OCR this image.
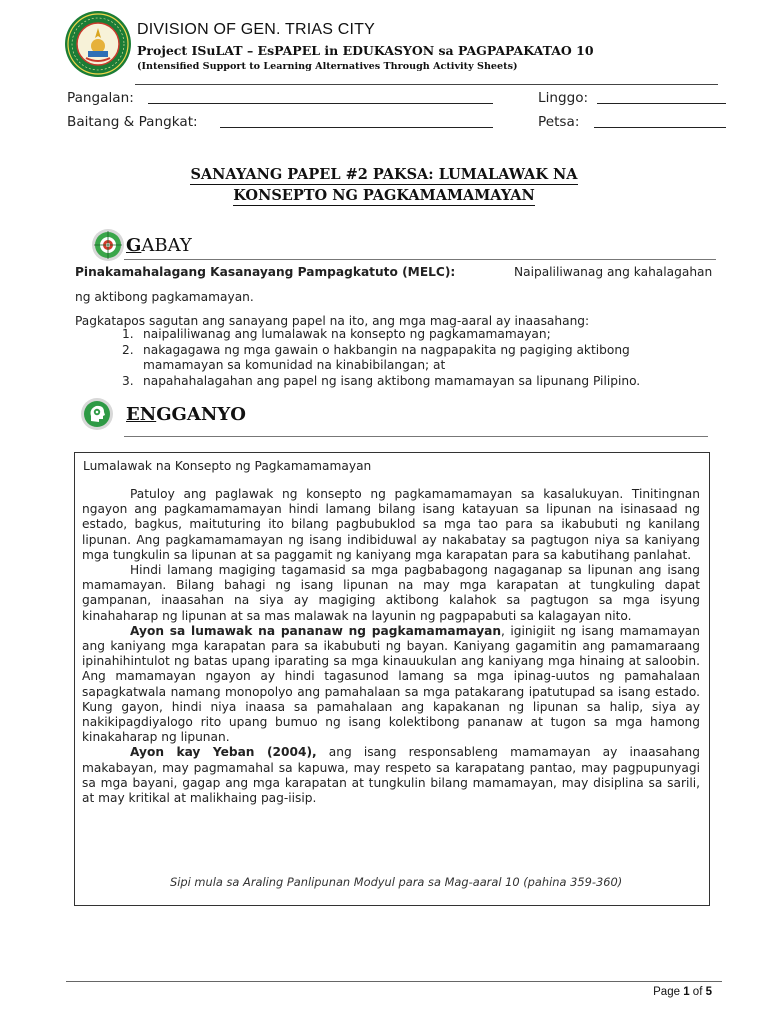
DIVISION OF GEN. TRIAS CITY
Project ISuLAT – EsPAPEL in EDUKASYON sa PAGPAPAKATAO 10
(Intensified Support to Learning Alternatives Through Activity Sheets)
Pangalan:
Baitang & Pangkat:
Linggo:
Petsa:
SANAYANG PAPEL #2 PAKSA: LUMALAWAK NA
KONSEPTO NG PAGKAMAMAMAYAN
GABAY
Pinakamahalagang Kasanayang Pampagkatuto (MELC):	Naipaliliwanag ang kahalagahan
ng aktibong pagkamamayan.
Pagkatapos sagutan ang sanayang papel na ito, ang mga mag-aaral ay inaasahang:
1. naipaliliwanag ang lumalawak na konsepto ng pagkamamamayan;
2. nakagagawa ng mga gawain o hakbangin na nagpapakita ng pagiging aktibong
mamamayan sa komunidad na kinabibilangan; at
3. napahahalagahan ang papel ng isang aktibong mamamayan sa lipunang Pilipino.
ENGGANYO
Lumalawak na Konsepto ng Pagkamamamayan

Patuloy ang paglawak ng konsepto ng pagkamamamayan sa kasalukuyan. Tinitingnan ngayon ang pagkamamamayan hindi lamang bilang isang katayuan sa lipunan na isinasaad ng estado, bagkus, maituturing ito bilang pagbubuklod sa mga tao para sa ikabubuti ng kanilang lipunan. Ang pagkamamamayan ng isang indibiduwal ay nakabatay sa pagtugon niya sa kaniyang mga tungkulin sa lipunan at sa paggamit ng kaniyang mga karapatan para sa kabutihang panlahat.

Hindi lamang magiging tagamasid sa mga pagbabagong nagaganap sa lipunan ang isang mamamayan. Bilang bahagi ng isang lipunan na may mga karapatan at tungkuling dapat gampanan, inaasahan na siya ay magiging aktibong kalahok sa pagtugon sa mga isyung kinahaharap ng lipunan at sa mas malawak na layunin ng pagpapabuti sa kalagayan nito.

Ayon sa lumawak na pananaw ng pagkamamamayan, iginigiit ng isang mamamayan ang kaniyang mga karapatan para sa ikabubuti ng bayan. Kaniyang gagamitin ang pamamaraang ipinahihintulot ng batas upang iparating sa mga kinauukulan ang kaniyang mga hinaing at saloobin. Ang mamamayan ngayon ay hindi tagasunod lamang sa mga ipinag-uutos ng pamahalaan sapagkatwala namang monopolyo ang pamahalaan sa mga patakarang ipatutupad sa isang estado. Kung gayon, hindi niya inaasa sa pamahalaan ang kapakanan ng lipunan sa halip, siya ay nakikipagdiyalogo rito upang bumuo ng isang kolektibong pananaw at tugon sa mga hamong kinakaharap ng lipunan.

Ayon kay Yeban (2004), ang isang responsableng mamamayan ay inaasahang makabayan, may pagmamahal sa kapuwa, may respeto sa karapatang pantao, may pagpupunyagi sa mga bayani, gagap ang mga karapatan at tungkulin bilang mamamayan, may disiplina sa sarili, at may kritikal at malikhaing pag-iisip.

Sipi mula sa Araling Panlipunan Modyul para sa Mag-aaral 10 (pahina 359-360)
Page 1 of 5
